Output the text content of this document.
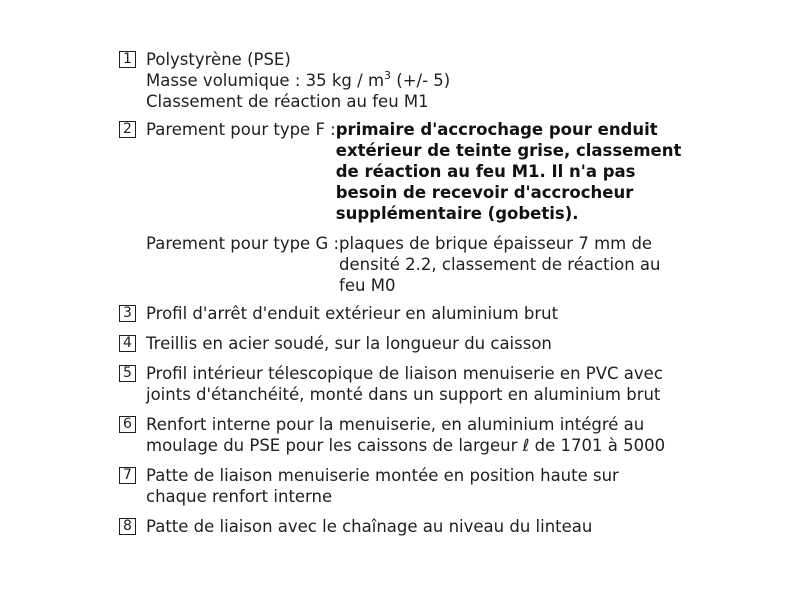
1 Polystyrène (PSE)
Masse volumique : 35 kg / $m^3$ (+/- 5)
Classement de réaction au feu M1
2 Parement pour type F : primaire d'accrochage pour enduit
extérieur de teinte grise, classement
de réaction au feu M1. Il n'a pas
besoin de recevoir d'accrocheur
supplémentaire (gobetis).
Parement pour type G : plaques de brique épaisseur 7 mm de
densité 2.2, classement de réaction au
feu M0
3 Profil d'arrêt d'enduit extérieur en aluminium brut
4 Treillis en acier soudé, sur la longueur du caisson
5 Profil intérieur télescopique de liaison menuiserie en PVC avec
joints d'étanchéité, monté dans un support en aluminium brut
6 Renfort interne pour la menuiserie, en aluminium intégré au
moulage du PSE pour les caissons de largeur ℓ de 1701 à 5000
7 Patte de liaison menuiserie montée en position haute sur
chaque renfort interne
8 Patte de liaison avec le chaînage au niveau du linteau
